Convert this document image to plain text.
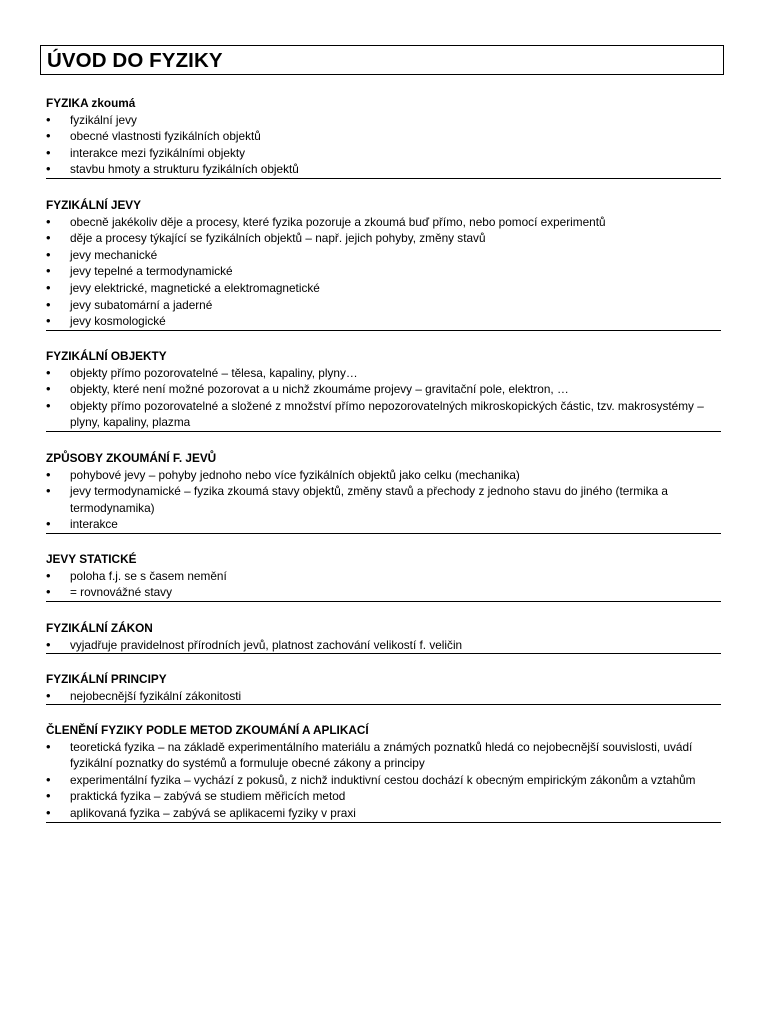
ÚVOD DO FYZIKY
FYZIKA zkoumá
• fyzikální jevy
• obecné vlastnosti fyzikálních objektů
• interakce mezi fyzikálními objekty
• stavbu hmoty a strukturu fyzikálních objektů
FYZIKÁLNÍ JEVY
• obecně jakékoliv děje a procesy, které fyzika pozoruje a zkoumá buď přímo, nebo pomocí experimentů
• děje a procesy týkající se fyzikálních objektů – např. jejich pohyby, změny stavů
• jevy mechanické
• jevy tepelné a termodynamické
• jevy elektrické, magnetické a elektromagnetické
• jevy subatomární a jaderné
• jevy kosmologické
FYZIKÁLNÍ OBJEKTY
• objekty přímo pozorovatelné – tělesa, kapaliny, plyny…
• objekty, které není možné pozorovat a u nichž zkoumáme projevy – gravitační pole, elektron, …
• objekty přímo pozorovatelné a složené z množství přímo nepozorovatelných mikroskopických částic, tzv. makrosystémy – plyny, kapaliny, plazma
ZPŮSOBY ZKOUMÁNÍ F. JEVŮ
• pohybové jevy – pohyby jednoho nebo více fyzikálních objektů jako celku (mechanika)
• jevy termodynamické – fyzika zkoumá stavy objektů, změny stavů a přechody z jednoho stavu do jiného (termika a termodynamika)
• interakce
JEVY STATICKÉ
• poloha f.j. se s časem nemění
• = rovnovážné stavy
FYZIKÁLNÍ ZÁKON
• vyjadřuje pravidelnost přírodních jevů, platnost zachování velikostí f. veličin
FYZIKÁLNÍ PRINCIPY
• nejobecnější fyzikální zákonitosti
ČLENĚNÍ FYZIKY PODLE METOD ZKOUMÁNÍ A APLIKACÍ
• teoretická fyzika – na základě experimentálního materiálu a známých poznatků hledá co nejobecnější souvislosti, uvádí fyzikální poznatky do systémů a formuluje obecné zákony a principy
• experimentální fyzika – vychází z pokusů, z nichž induktivní cestou dochází k obecným empirickým zákonům a vztahům
• praktická fyzika – zabývá se studiem měřicích metod
• aplikovaná fyzika – zabývá se aplikacemi fyziky v praxi
